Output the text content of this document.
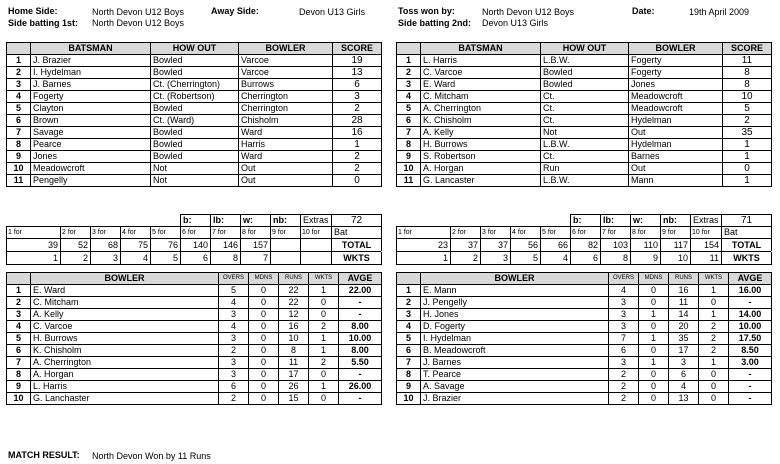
Home Side:	North Devon U12 Boys	Away Side:	Devon U13 Girls	Toss won by:	North Devon U12 Boys	Date:	19th April 2009
Side batting 1st: North Devon U12 Boys	Side batting 2nd: Devon U13 Girls
	BATSMAN	HOW OUT	BOWLER	SCORE
1	J. Brazier	Bowled	Varcoe	19
2	I. Hydelman	Bowled	Varcoe	13
3	J. Barnes	Ct. (Cherrington)	Burrows	6
4	Fogerty	Ct. (Robertson)	Cherrington	3
5	Clayton	Bowled	Cherrington	2
6	Brown	Ct. (Ward)	Chisholm	28
7	Savage	Bowled	Ward	16
8	Pearce	Bowled	Harris	1
9	Jones	Bowled	Ward	2
10	Meadowcroft	Not	Out	2
11	Pengelly	Not	Out	0
	BATSMAN	HOW OUT	BOWLER	SCORE
1	L. Harris	L.B.W.	Fogerty	11
2	C. Varcoe	Bowled	Fogerty	8
3	E. Ward	Bowled	Jones	8
4	C. Mitcham	Ct.	Meadowcroft	10
5	A. Cherrington	Ct.	Meadowcroft	5
6	K. Chisholm	Ct.	Hydelman	2
7	A. Kelly	Not	Out	35
8	H. Burrows	L.B.W.	Hydelman	1
9	S. Robertson	Ct.	Barnes	1
10	A. Horgan	Run	Out	0
11	G. Lancaster	L.B.W.	Mann	1
					b:	lb:	w:	nb:	Extras	72	
1 for	2 for	3 for	4 for	5 for	6 for	7 for	8 for	9 for	10 for	Bat	
39	52	68	75	76	140	146	157			TOTAL	
1	2	3	4	5	6	8	7			WKTS	
					b:	lb:	w:	nb:	Extras	71	
1 for	2 for	3 for	4 for	5 for	6 for	7 for	8 for	9 for	10 for	Bat	
23	37	37	56	66	82	103	110	117	154	TOTAL	
1	2	3	5	4	6	8	9	10	11	WKTS	
	BOWLER	OVERS	MDNS	RUNS	WKTS	AVGE
1	E. Ward	5	0	22	1	22.00
2	C. Mitcham	4	0	22	0	-
3	A. Kelly	3	0	12	0	-
4	C. Varcoe	4	0	16	2	8.00
5	H. Burrows	3	0	10	1	10.00
6	K. Chisholm	2	0	8	1	8.00
7	A. Cherrington	3	0	11	2	5.50
8	A. Horgan	3	0	17	0	-
9	L. Harris	6	0	26	1	26.00
10	G. Lanchaster	2	0	15	0	-
	BOWLER	OVERS	MDNS	RUNS	WKTS	AVGE
1	E. Mann	4	0	16	1	16.00
2	J. Pengelly	3	0	11	0	-
3	H. Jones	3	1	14	1	14.00
4	D. Fogerty	3	0	20	2	10.00
5	I. Hydelman	7	1	35	2	17.50
6	B. Meadowcroft	6	0	17	2	8.50
7	J. Barnes	3	1	3	1	3.00
8	T. Pearce	2	0	6	0	-
9	A. Savage	2	0	4	0	-
10	J. Brazier	2	0	13	0	-
MATCH RESULT: North Devon Won by 11 Runs
